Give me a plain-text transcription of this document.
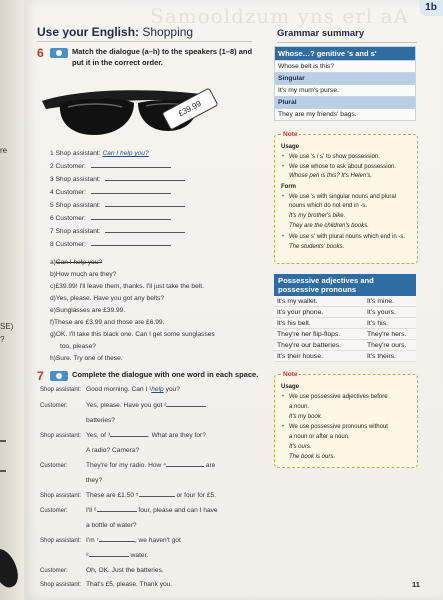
re
SE)
?
Samooldzum yns erl aA
Use your English: Shopping
1b
6	Match the dialogue (a–h) to the speakers (1–8) and put it in the correct order.
£39.99
1 Shop assistant: Can I help you?
2 Customer:
3 Shop assistant:
4 Customer:
5 Shop assistant:
6 Customer:
7 Shop assistant:
8 Customer:
a)Can I help you?
b)How much are they?
c)£39.99! I'll leave them, thanks. I'll just take the belt.
d)Yes, please. Have you got any belts?
e)Sunglasses are £39.99.
f)These are £3.99 and those are £6.99.
g)OK. I'll take this black one. Can I get some sunglasses
too, please?
h)Sure. Try one of these.
7	Complete the dialogue with one word in each space.
Shop assistant: Good morning. Can I ¹help you?
Customer:	Yes, please. Have you got ²
batteries?
Shop assistant: Yes, of ³	. What are they for?
A radio? Camera?
Customer:	They're for my radio. How ⁴	are
they?
Shop assistant: These are £1.50 ⁵	or four for £5.
Customer:	I'll ⁶	four, please and can I have
a bottle of water?
Shop assistant: I'm ⁷	, we haven't got
⁸	water.
Customer:	Oh, OK. Just the batteries.
Shop assistant: That's £5, please. Thank you.
Grammar summary
Whose…? genitive 's and s'
Whose belt is this?
Singular
It's my mum's purse.
Plural
They are my friends' bags.
Note
Usage
• We use 's / s' to show possession.
• We use whose to ask about possession.
Whose pen is this? It's Helen's.
Form
• We use 's with singular nouns and plural
nouns which do not end in -s.
It's my brother's bike.
They are the children's books.
• We use s' with plural nouns which end in -s.
The students' books.
Possessive adjectives and possessive pronouns
It's my wallet.	It's mine.
It's your phone.	It's yours.
It's his belt.	It's his.
They're her flip-flops.	They're hers.
They're our batteries.	They're ours.
It's their house.	It's theirs.
Note
Usage
• We use possessive adjectives before
a noun.
It's my book.
• We use possessive pronouns without
a noun or after a noun.
It's ours.
The book is ours.
11
